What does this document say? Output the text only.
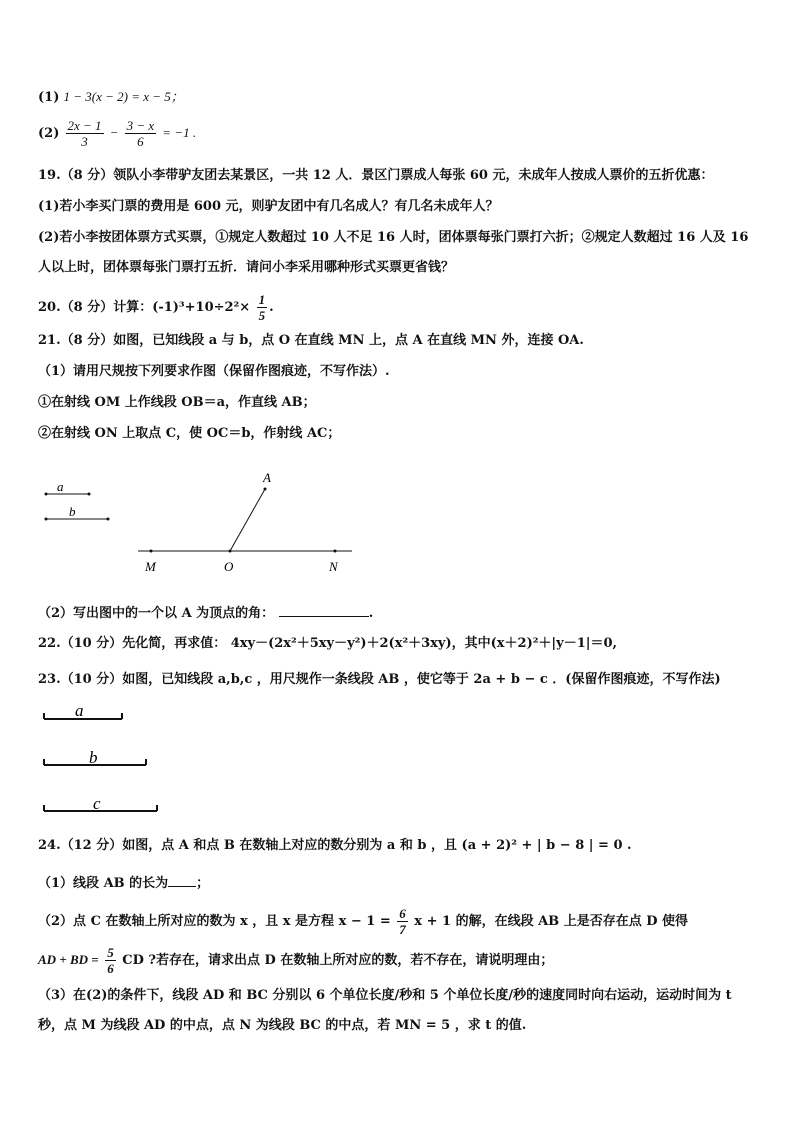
(1) 1 − 3(x − 2) = x − 5；
$(2) \frac{2x - 1}{3} - \frac{3 - x}{6} = -1$ .
19.（8 分）领队小李带驴友团去某景区，一共 12 人．景区门票成人每张 60 元，未成年人按成人票价的五折优惠：
(1)若小李买门票的费用是 600 元，则驴友团中有几名成人？有几名未成年人？
(2)若小李按团体票方式买票，①规定人数超过 10 人不足 16 人时，团体票每张门票打六折；②规定人数超过 16 人及 16
人以上时，团体票每张门票打五折．请问小李采用哪种形式买票更省钱？
20.（8 分）计算：$(-1)^3+10\div 2^2\times \frac{1}{5}$ .
21.（8 分）如图，已知线段 a 与 b，点 O 在直线 MN 上，点 A 在直线 MN 外，连接 OA.
（1）请用尺规按下列要求作图（保留作图痕迹，不写作法）.
①在射线 OM 上作线段 OB＝a，作直线 AB；
②在射线 ON 上取点 C，使 OC＝b，作射线 AC；
a
b
A
M	O	N
（2）写出图中的一个以 A 为顶点的角：	.
22.（10 分）先化简，再求值： 4xy－(2x²＋5xy－y²)＋2(x²＋3xy)，其中(x＋2)²＋|y－1|＝0,
23.（10 分）如图，已知线段 a,b,c ，用尺规作一条线段 AB ，使它等于 2a + b − c ．(保留作图痕迹，不写作法)
a
b
c
24.（12 分）如图，点 A 和点 B 在数轴上对应的数分别为 a 和 b ，且 (a + 2)² + | b − 8 | = 0 .
（1）线段 AB 的长为 ；
（2）点 C 在数轴上所对应的数为 x ，且 x 是方程 $x - 1 = \frac{6}{7}$ x + 1 的解，在线段 AB 上是否存在点 D 使得
AD + BD = $\frac{5}{6}$ CD ?若存在，请求出点 D 在数轴上所对应的数，若不存在，请说明理由；
（3）在(2)的条件下，线段 AD 和 BC 分别以 6 个单位长度/秒和 5 个单位长度/秒的速度同时向右运动，运动时间为 t
秒，点 M 为线段 AD 的中点，点 N 为线段 BC 的中点，若 MN = 5 ，求 t 的值.
